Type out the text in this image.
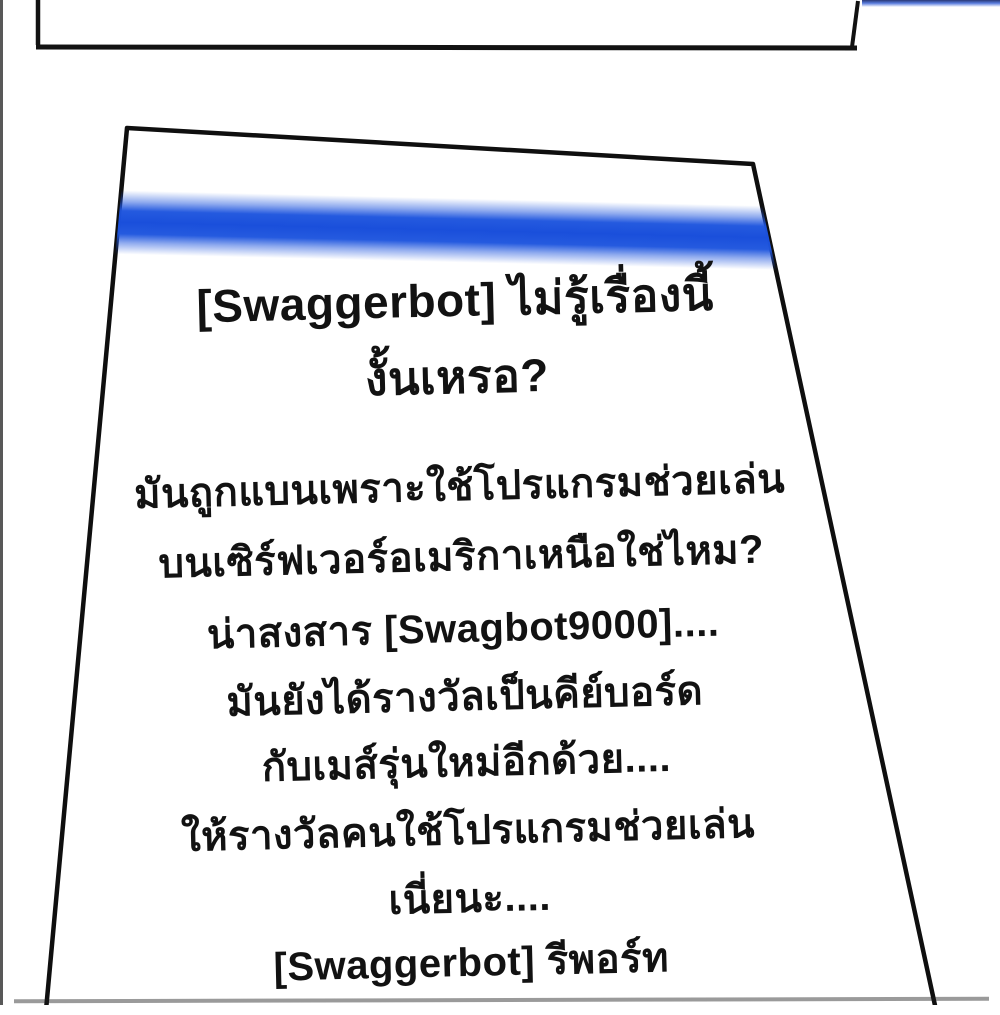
[Swaggerbot] ไม่รู้เรื่องนี้
งั้นเหรอ?
มันถูกแบนเพราะใช้โปรแกรมช่วยเล่น
บนเซิร์ฟเวอร์อเมริกาเหนือใช่ไหม?
น่าสงสาร [Swagbot9000]....
มันยังได้รางวัลเป็นคีย์บอร์ด
กับเมส์รุ่นใหม่อีกด้วย....
ให้รางวัลคนใช้โปรแกรมช่วยเล่น
เนี่ยนะ....
[Swaggerbot] รีพอร์ท
